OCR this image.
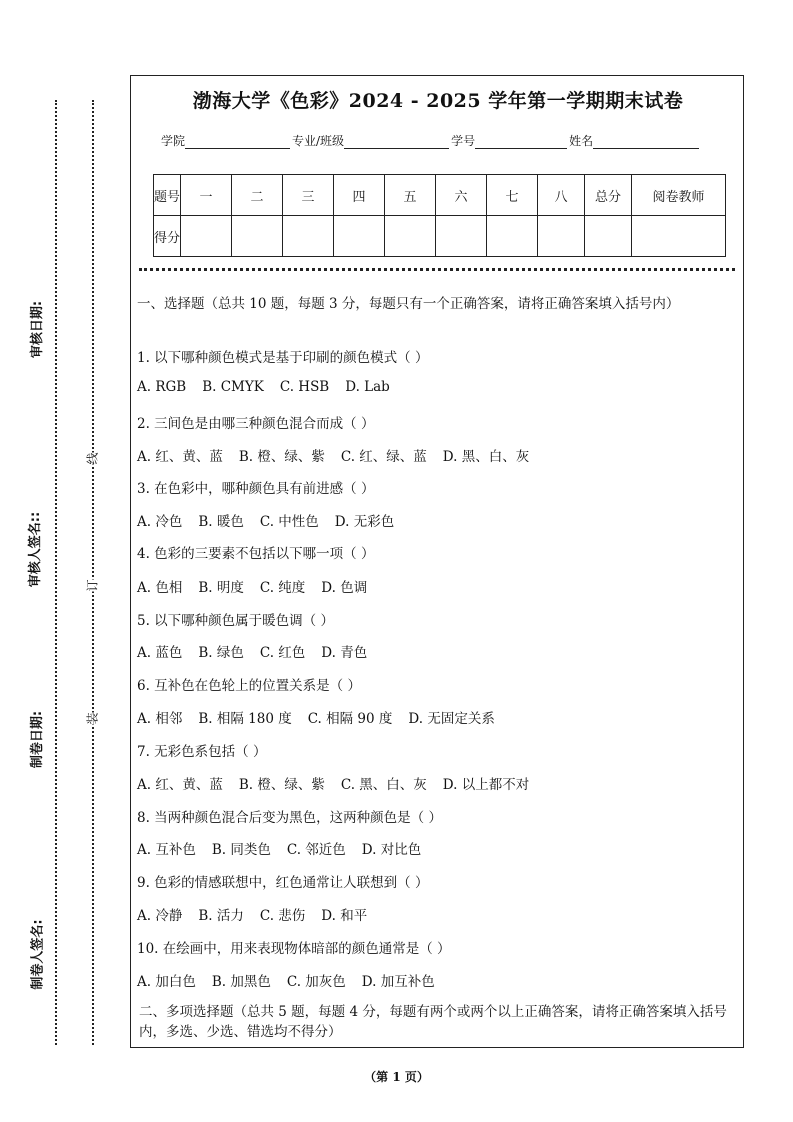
审核日期:
审核人签名::
制卷日期:
制卷人签名:
线
订
装
渤海大学《色彩》2024 - 2025 学年第一学期期末试卷
学院	专业/班级	学号	姓名
题号	一	二	三	四	五	六	七	八	总分	阅卷教师
得分										
一、选择题（总共 10 题，每题 3 分，每题只有一个正确答案，请将正确答案填入括号内）
1. 以下哪种颜色模式是基于印刷的颜色模式（ ）
A. RGB B. CMYK C. HSB D. Lab
2. 三间色是由哪三种颜色混合而成（ ）
A. 红、黄、蓝 B. 橙、绿、紫 C. 红、绿、蓝 D. 黑、白、灰
3. 在色彩中，哪种颜色具有前进感（ ）
A. 冷色 B. 暖色 C. 中性色 D. 无彩色
4. 色彩的三要素不包括以下哪一项（ ）
A. 色相 B. 明度 C. 纯度 D. 色调
5. 以下哪种颜色属于暖色调（ ）
A. 蓝色 B. 绿色 C. 红色 D. 青色
6. 互补色在色轮上的位置关系是（ ）
A. 相邻 B. 相隔 180 度 C. 相隔 90 度 D. 无固定关系
7. 无彩色系包括（ ）
A. 红、黄、蓝 B. 橙、绿、紫 C. 黑、白、灰 D. 以上都不对
8. 当两种颜色混合后变为黑色，这两种颜色是（ ）
A. 互补色 B. 同类色 C. 邻近色 D. 对比色
9. 色彩的情感联想中，红色通常让人联想到（ ）
A. 冷静 B. 活力 C. 悲伤 D. 和平
10. 在绘画中，用来表现物体暗部的颜色通常是（ ）
A. 加白色 B. 加黑色 C. 加灰色 D. 加互补色
二、多项选择题（总共 5 题，每题 4 分，每题有两个或两个以上正确答案，请将正确答案填入括号内，多选、少选、错选均不得分）
（第 1 页）
